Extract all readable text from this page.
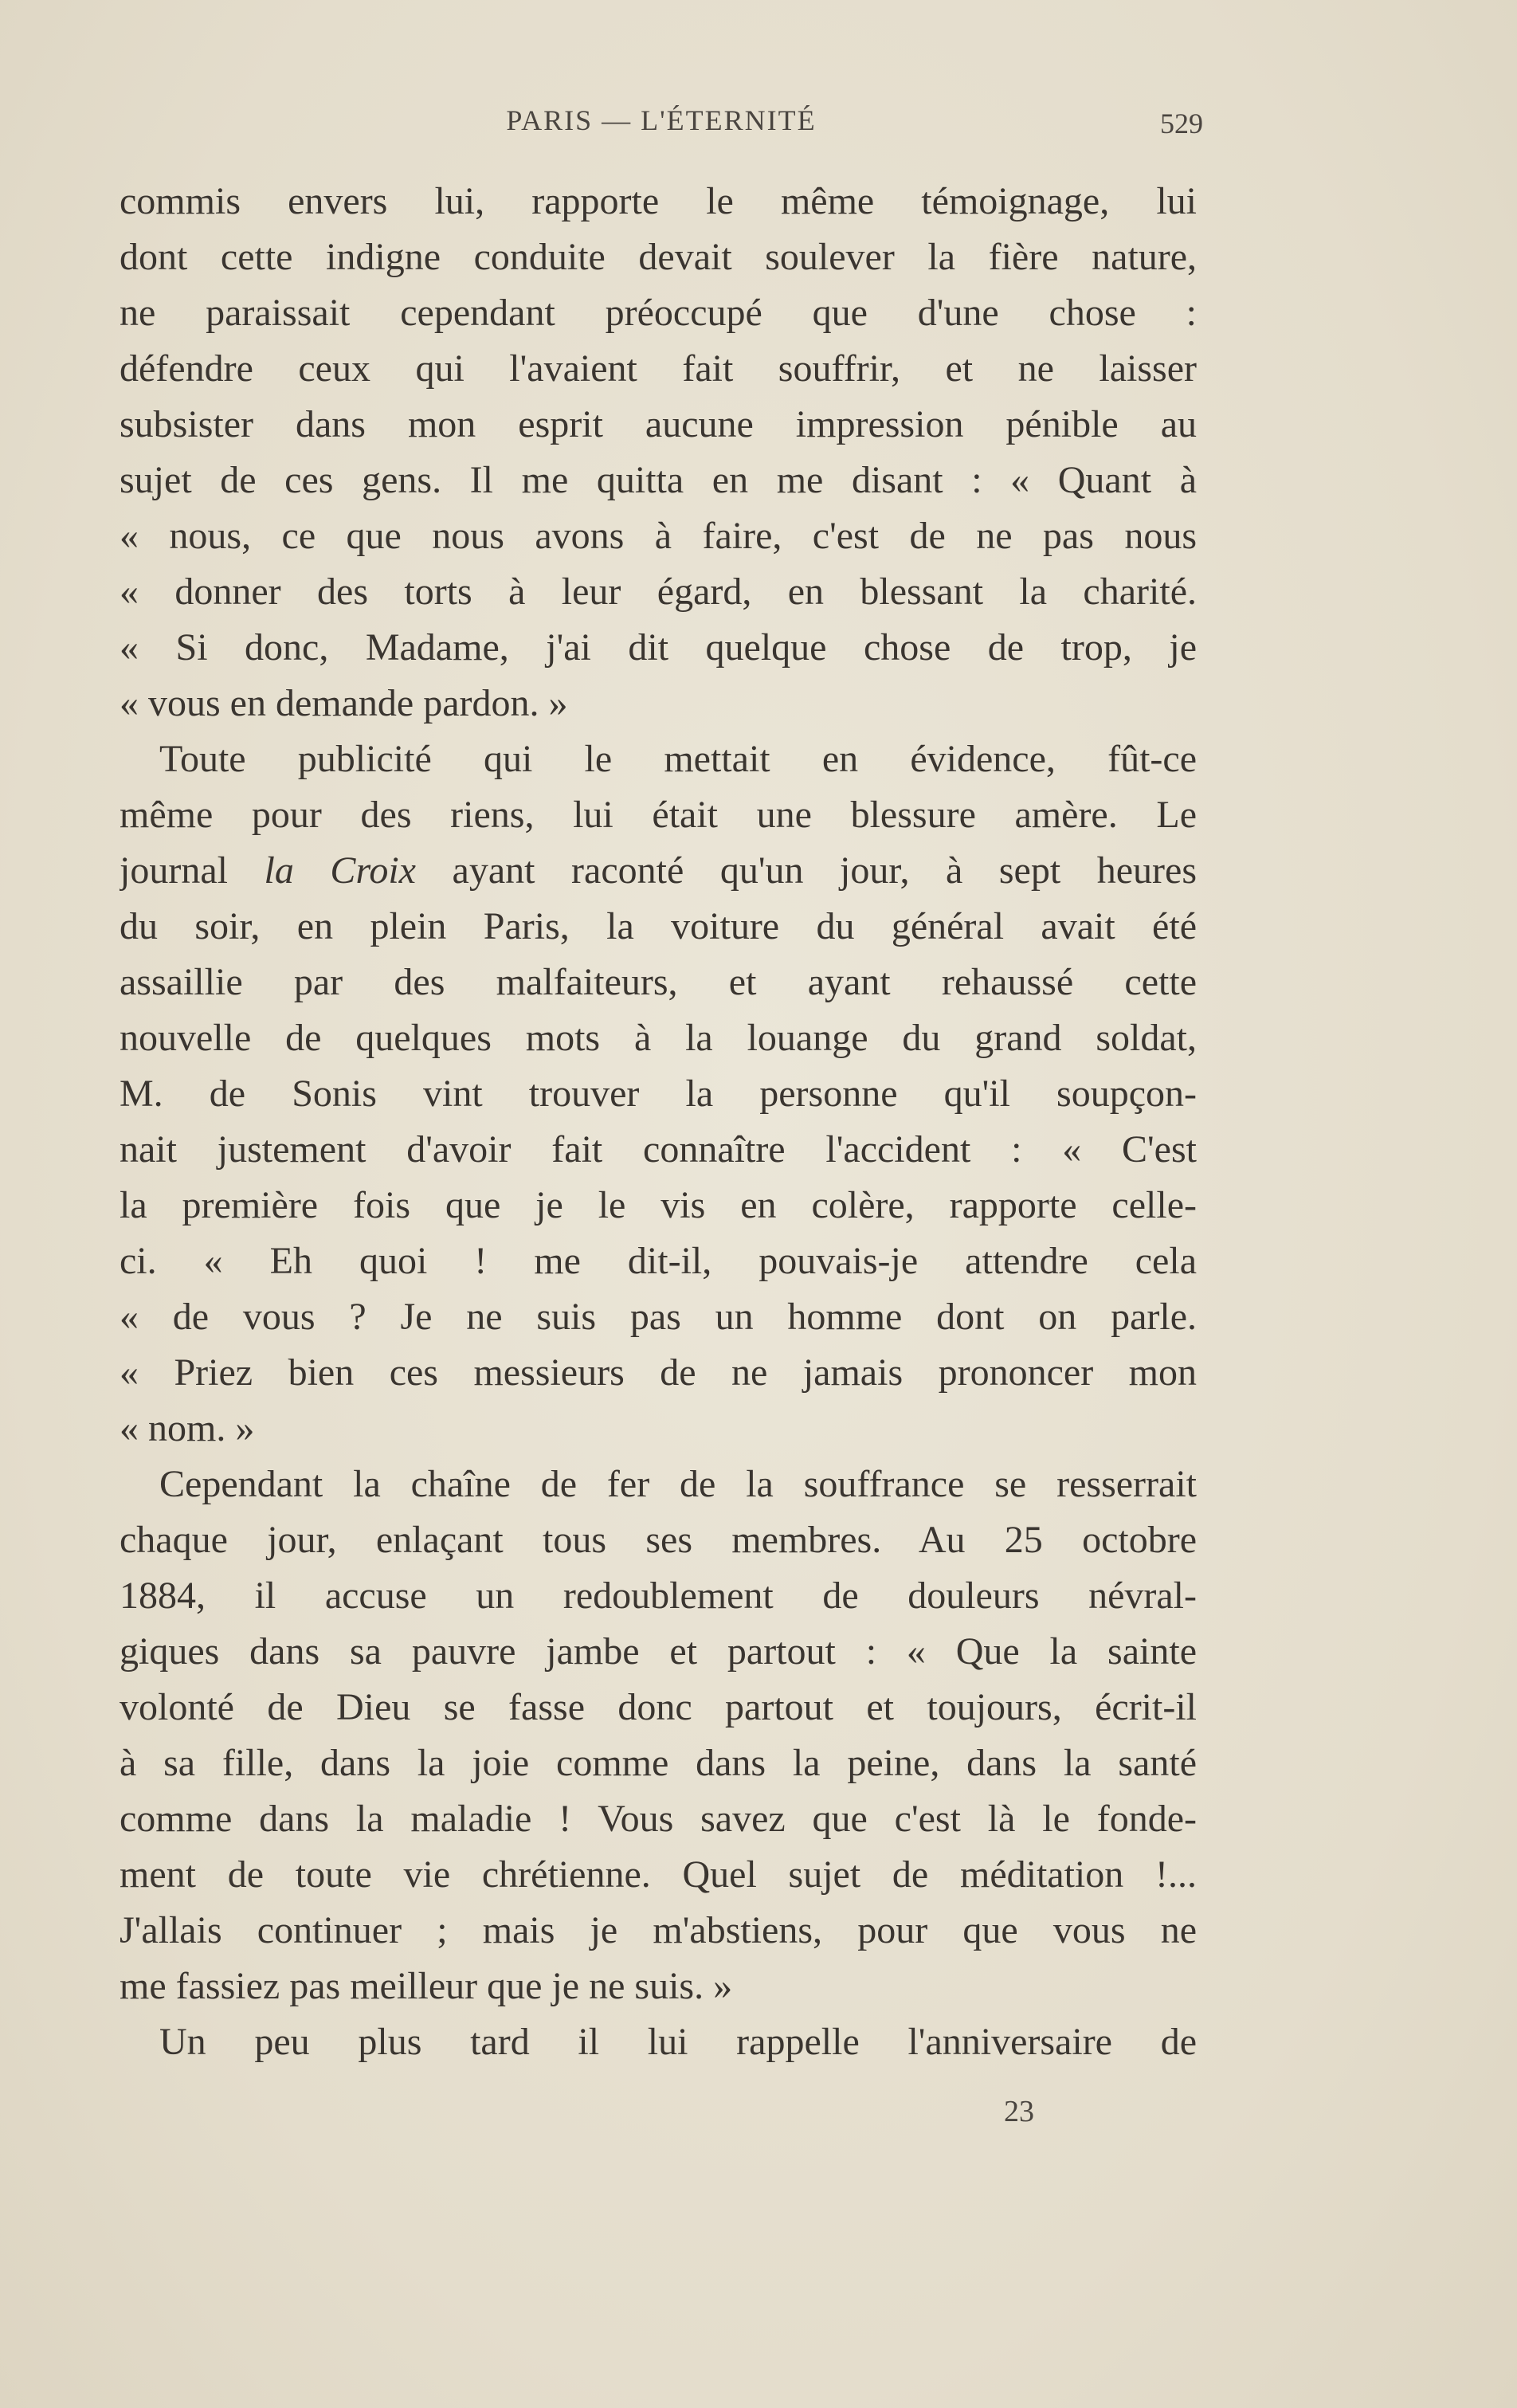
PARIS — L'ÉTERNITÉ	529
commis envers lui, rapporte le même témoignage, lui
dont cette indigne conduite devait soulever la fière nature,
ne paraissait cependant préoccupé que d'une chose :
défendre ceux qui l'avaient fait souffrir, et ne laisser
subsister dans mon esprit aucune impression pénible au
sujet de ces gens. Il me quitta en me disant : « Quant à
« nous, ce que nous avons à faire, c'est de ne pas nous
« donner des torts à leur égard, en blessant la charité.
« Si donc, Madame, j'ai dit quelque chose de trop, je
« vous en demande pardon. »
Toute publicité qui le mettait en évidence, fût-ce
même pour des riens, lui était une blessure amère. Le
journal la Croix ayant raconté qu'un jour, à sept heures
du soir, en plein Paris, la voiture du général avait été
assaillie par des malfaiteurs, et ayant rehaussé cette
nouvelle de quelques mots à la louange du grand soldat,
M. de Sonis vint trouver la personne qu'il soupçon-
nait justement d'avoir fait connaître l'accident : « C'est
la première fois que je le vis en colère, rapporte celle-
ci. « Eh quoi ! me dit-il, pouvais-je attendre cela
« de vous ? Je ne suis pas un homme dont on parle.
« Priez bien ces messieurs de ne jamais prononcer mon
« nom. »
Cependant la chaîne de fer de la souffrance se resserrait
chaque jour, enlaçant tous ses membres. Au 25 octobre
1884, il accuse un redoublement de douleurs névral-
giques dans sa pauvre jambe et partout : « Que la sainte
volonté de Dieu se fasse donc partout et toujours, écrit-il
à sa fille, dans la joie comme dans la peine, dans la santé
comme dans la maladie ! Vous savez que c'est là le fonde-
ment de toute vie chrétienne. Quel sujet de méditation !...
J'allais continuer ; mais je m'abstiens, pour que vous ne
me fassiez pas meilleur que je ne suis. »
Un peu plus tard il lui rappelle l'anniversaire de
23
